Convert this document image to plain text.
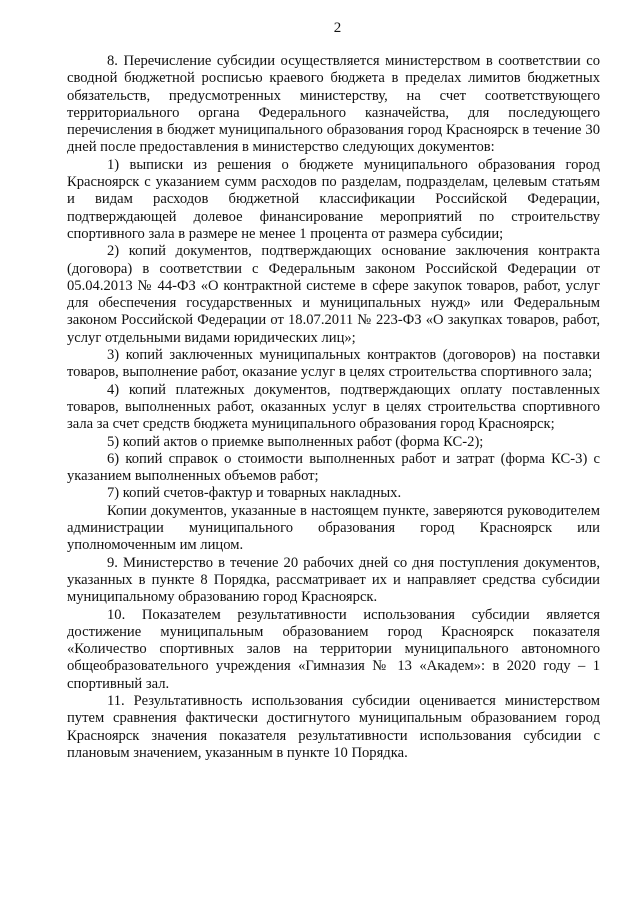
2

8. Перечисление субсидии осуществляется министерством в соответствии со сводной бюджетной росписью краевого бюджета в пределах лимитов бюджетных обязательств, предусмотренных министерству, на счет соответствующего территориального органа Федерального казначейства, для последующего перечисления в бюджет муниципального образования город Красноярск в течение 30 дней после предоставления в министерство следующих документов:

1) выписки из решения о бюджете муниципального образования город Красноярск с указанием сумм расходов по разделам, подразделам, целевым статьям и видам расходов бюджетной классификации Российской Федерации, подтверждающей долевое финансирование мероприятий по строительству спортивного зала в размере не менее 1 процента от размера субсидии;

2) копий документов, подтверждающих основание заключения контракта (договора) в соответствии с Федеральным законом Российской Федерации от 05.04.2013 № 44-ФЗ «О контрактной системе в сфере закупок товаров, работ, услуг для обеспечения государственных и муниципальных нужд» или Федеральным законом Российской Федерации от 18.07.2011 № 223-ФЗ «О закупках товаров, работ, услуг отдельными видами юридических лиц»;

3) копий заключенных муниципальных контрактов (договоров) на поставки товаров, выполнение работ, оказание услуг в целях строительства спортивного зала;

4) копий платежных документов, подтверждающих оплату поставленных товаров, выполненных работ, оказанных услуг в целях строительства спортивного зала за счет средств бюджета муниципального образования город Красноярск;

5) копий актов о приемке выполненных работ (форма КС-2);

6) копий справок о стоимости выполненных работ и затрат (форма КС-3) с указанием выполненных объемов работ;

7) копий счетов-фактур и товарных накладных.

Копии документов, указанные в настоящем пункте, заверяются руководителем администрации муниципального образования город Красноярск или уполномоченным им лицом.

9. Министерство в течение 20 рабочих дней со дня поступления документов, указанных в пункте 8 Порядка, рассматривает их и направляет средства субсидии муниципальному образованию город Красноярск.

10. Показателем результативности использования субсидии является достижение муниципальным образованием город Красноярск показателя «Количество спортивных залов на территории муниципального автономного общеобразовательного учреждения «Гимназия № 13 «Академ»: в 2020 году – 1 спортивный зал.

11. Результативность использования субсидии оценивается министерством путем сравнения фактически достигнутого муниципальным образованием город Красноярск значения показателя результативности использования субсидии с плановым значением, указанным в пункте 10 Порядка.
